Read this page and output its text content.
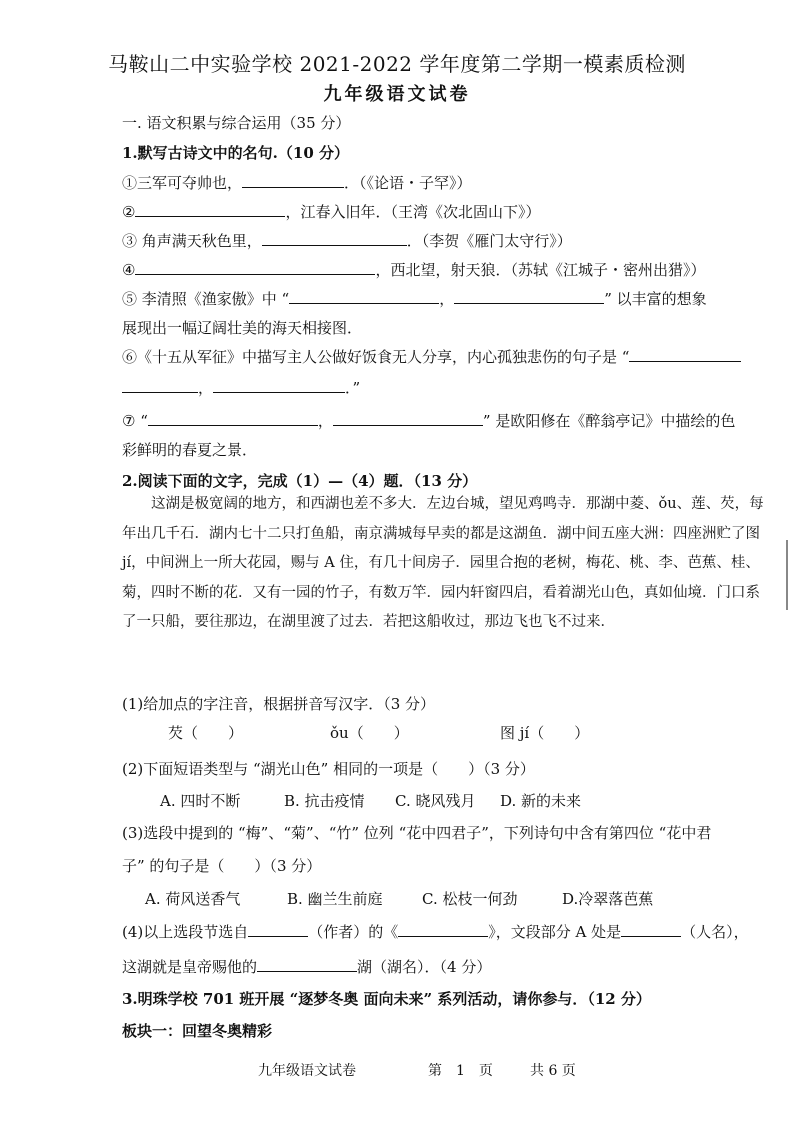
马鞍山二中实验学校 2021-2022 学年度第二学期一模素质检测
九年级语文试卷
一. 语文积累与综合运用（35 分）
1.默写古诗文中的名句.（10 分）
①三军可夺帅也，	．（《论语・子罕》）
②	，江春入旧年．（王湾《次北固山下》）
③ 角声满天秋色里，	．（李贺《雁门太守行》）
④	，西北望，射天狼．（苏轼《江城子・密州出猎》）
⑤ 李清照《渔家傲》中 “	，	” 以丰富的想象
展现出一幅辽阔壮美的海天相接图．
⑥《十五从军征》中描写主人公做好饭食无人分享，内心孤独悲伤的句子是 “
，	．”
⑦ “	，	” 是欧阳修在《醉翁亭记》中描绘的色
彩鲜明的春夏之景．
2.阅读下面的文字，完成（1）—（4）题．（13 分）
这湖是极宽阔的地方，和西湖也差不多大．左边台城，望见鸡鸣寺．那湖中菱、ǒu、莲、芡，每年出几千石．湖内七十二只打鱼船，南京满城每早卖的都是这湖鱼．湖中间五座大洲：四座洲贮了图 jí，中间洲上一所大花园，赐与 A 住，有几十间房子．园里合抱的老树，梅花、桃、李、芭蕉、桂、菊，四时不断的花．又有一园的竹子，有数万竿．园内轩窗四启，看着湖光山色，真如仙境．门口系了一只船，要往那边，在湖里渡了过去．若把这船收过，那边飞也飞不过来．
(1)给加点的字注音，根据拼音写汉字．（3 分）
芡（　　）	ǒu（　　）	图 jí（　　）
(2)下面短语类型与 “湖光山色” 相同的一项是（　　）（3 分）
A. 四时不断	B. 抗击疫情 C. 晓风残月 D. 新的未来
(3)选段中提到的 “梅”、“菊”、“竹” 位列 “花中四君子”，下列诗句中含有第四位 “花中君
子” 的句子是（　　）（3 分）
A. 荷风送香气	B. 幽兰生前庭	C. 松枝一何劲	D.冷翠落芭蕉
(4)以上选段节选自	（作者）的《	》，文段部分 A 处是	（人名），
这湖就是皇帝赐他的	湖（湖名）．（4 分）
3.明珠学校 701 班开展 “逐梦冬奥 面向未来” 系列活动，请你参与．（12 分）
板块一：回望冬奥精彩
九年级语文试卷	第　1　页	共 6 页
